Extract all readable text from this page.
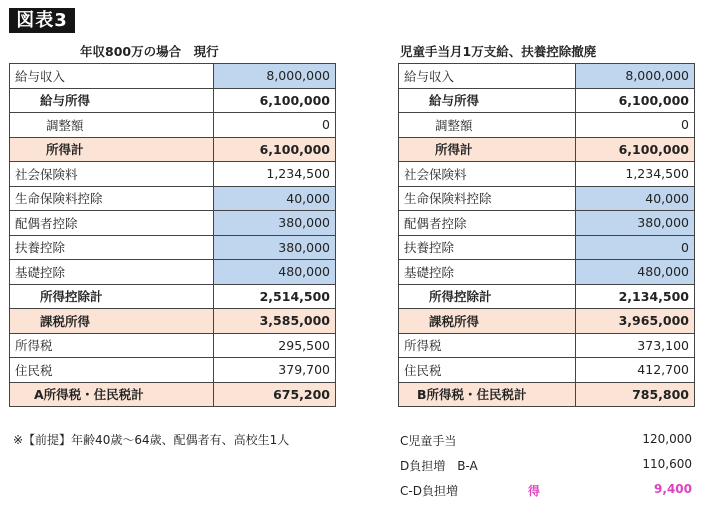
図表3
年収800万の場合　現行
給与収入	8,000,000
給与所得	6,100,000
調整額	0
所得計	6,100,000
社会保険料	1,234,500
生命保険料控除	40,000
配偶者控除	380,000
扶養控除	380,000
基礎控除	480,000
所得控除計	2,514,500
課税所得	3,585,000
所得税	295,500
住民税	379,700
A所得税・住民税計	675,200
児童手当月1万支給、扶養控除撤廃
給与収入	8,000,000
給与所得	6,100,000
調整額	0
所得計	6,100,000
社会保険料	1,234,500
生命保険料控除	40,000
配偶者控除	380,000
扶養控除	0
基礎控除	480,000
所得控除計	2,134,500
課税所得	3,965,000
所得税	373,100
住民税	412,700
B所得税・住民税計	785,800
※【前提】年齢40歳〜64歳、配偶者有、高校生1人	C児童手当	120,000
D負担増　B-A	110,600
C-D負担増	得	9,400
